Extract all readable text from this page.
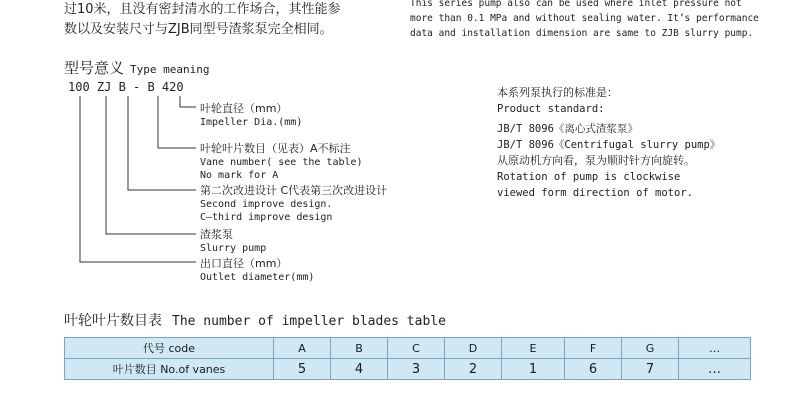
过10米，且没有密封清水的工作场合，其性能参
数以及安装尺寸与ZJB同型号渣浆泵完全相同。
This series pump also can be used where inlet pressure not
more than 0.1 MPa and without sealing water. It’s performance
data and installation dimension are same to ZJB slurry pump.
型号意义 Type meaning
100 ZJ B - B 420
叶轮直径（mm）
Impeller Dia.(mm)
叶轮叶片数目（见表）A不标注
Vane number( see the table)
No mark for A
第二次改进设计 C代表第三次改进设计
Second improve design.
C—third improve design
渣浆泵
Slurry pump
出口直径（mm）
Outlet diameter(mm)
本系列泵执行的标准是：
Product standard:
JB/T 8096《离心式渣浆泵》
JB/T 8096《Centrifugal slurry pump》
从原动机方向看，泵为顺时针方向旋转。
Rotation of pump is clockwise
viewed form direction of motor.
叶轮叶片数目表 The number of impeller blades table
代号 code	A	B	C	D	E	F	G	…
叶片数目 No.of vanes	5	4	3	2	1	6	7	…
